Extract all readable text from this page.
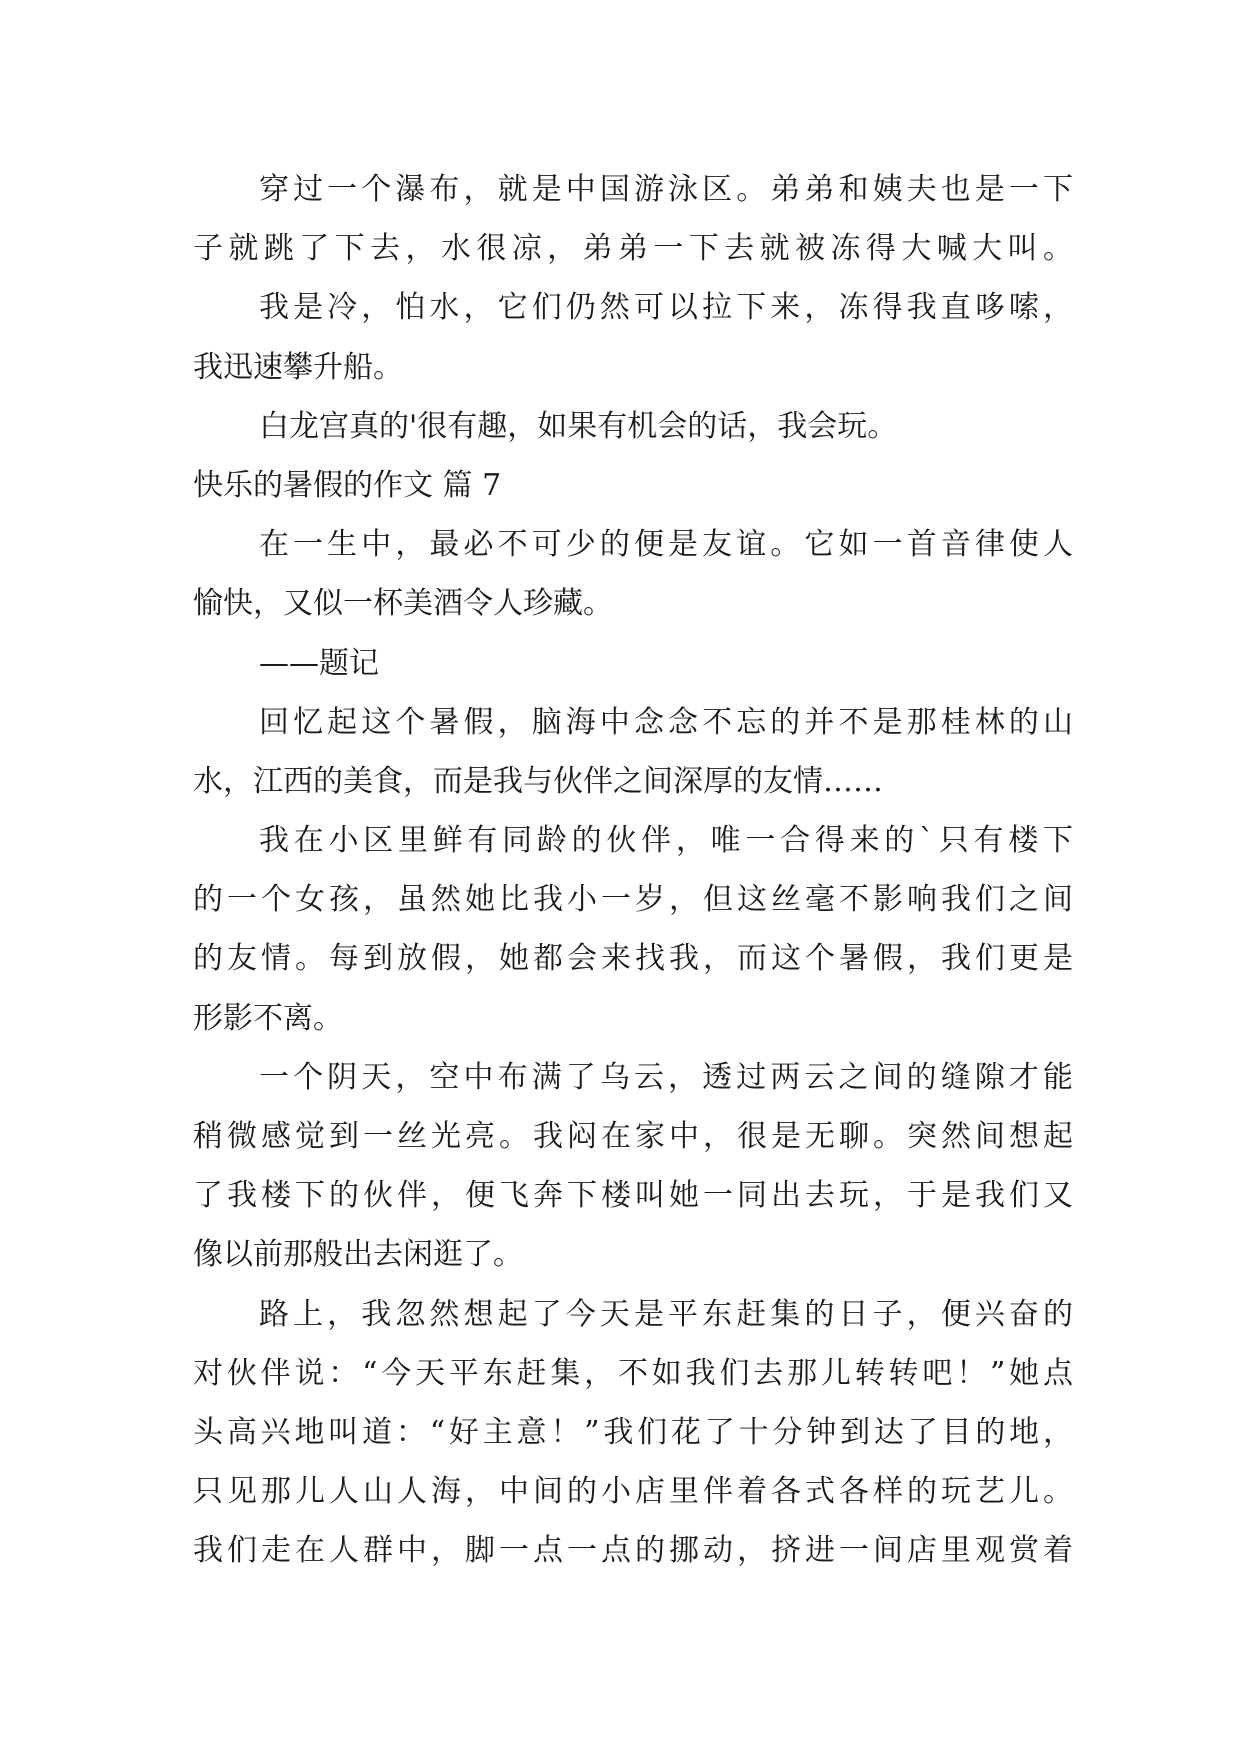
穿过一个瀑布，就是中国游泳区。弟弟和姨夫也是一下
子就跳了下去，水很凉，弟弟一下去就被冻得大喊大叫。
我是冷，怕水，它们仍然可以拉下来，冻得我直哆嗦，
我迅速攀升船。
白龙宫真的'很有趣，如果有机会的话，我会玩。
快乐的暑假的作文 篇 7
在一生中，最必不可少的便是友谊。它如一首音律使人
愉快，又似一杯美酒令人珍藏。
——题记
回忆起这个暑假，脑海中念念不忘的并不是那桂林的山
水，江西的美食，而是我与伙伴之间深厚的友情……
我在小区里鲜有同龄的伙伴，唯一合得来的`只有楼下
的一个女孩，虽然她比我小一岁，但这丝毫不影响我们之间
的友情。每到放假，她都会来找我，而这个暑假，我们更是
形影不离。
一个阴天，空中布满了乌云，透过两云之间的缝隙才能
稍微感觉到一丝光亮。我闷在家中，很是无聊。突然间想起
了我楼下的伙伴，便飞奔下楼叫她一同出去玩，于是我们又
像以前那般出去闲逛了。
路上，我忽然想起了今天是平东赶集的日子，便兴奋的
对伙伴说：“今天平东赶集，不如我们去那儿转转吧！”她点
头高兴地叫道：“好主意！”我们花了十分钟到达了目的地，
只见那儿人山人海，中间的小店里伴着各式各样的玩艺儿。
我们走在人群中，脚一点一点的挪动，挤进一间店里观赏着
